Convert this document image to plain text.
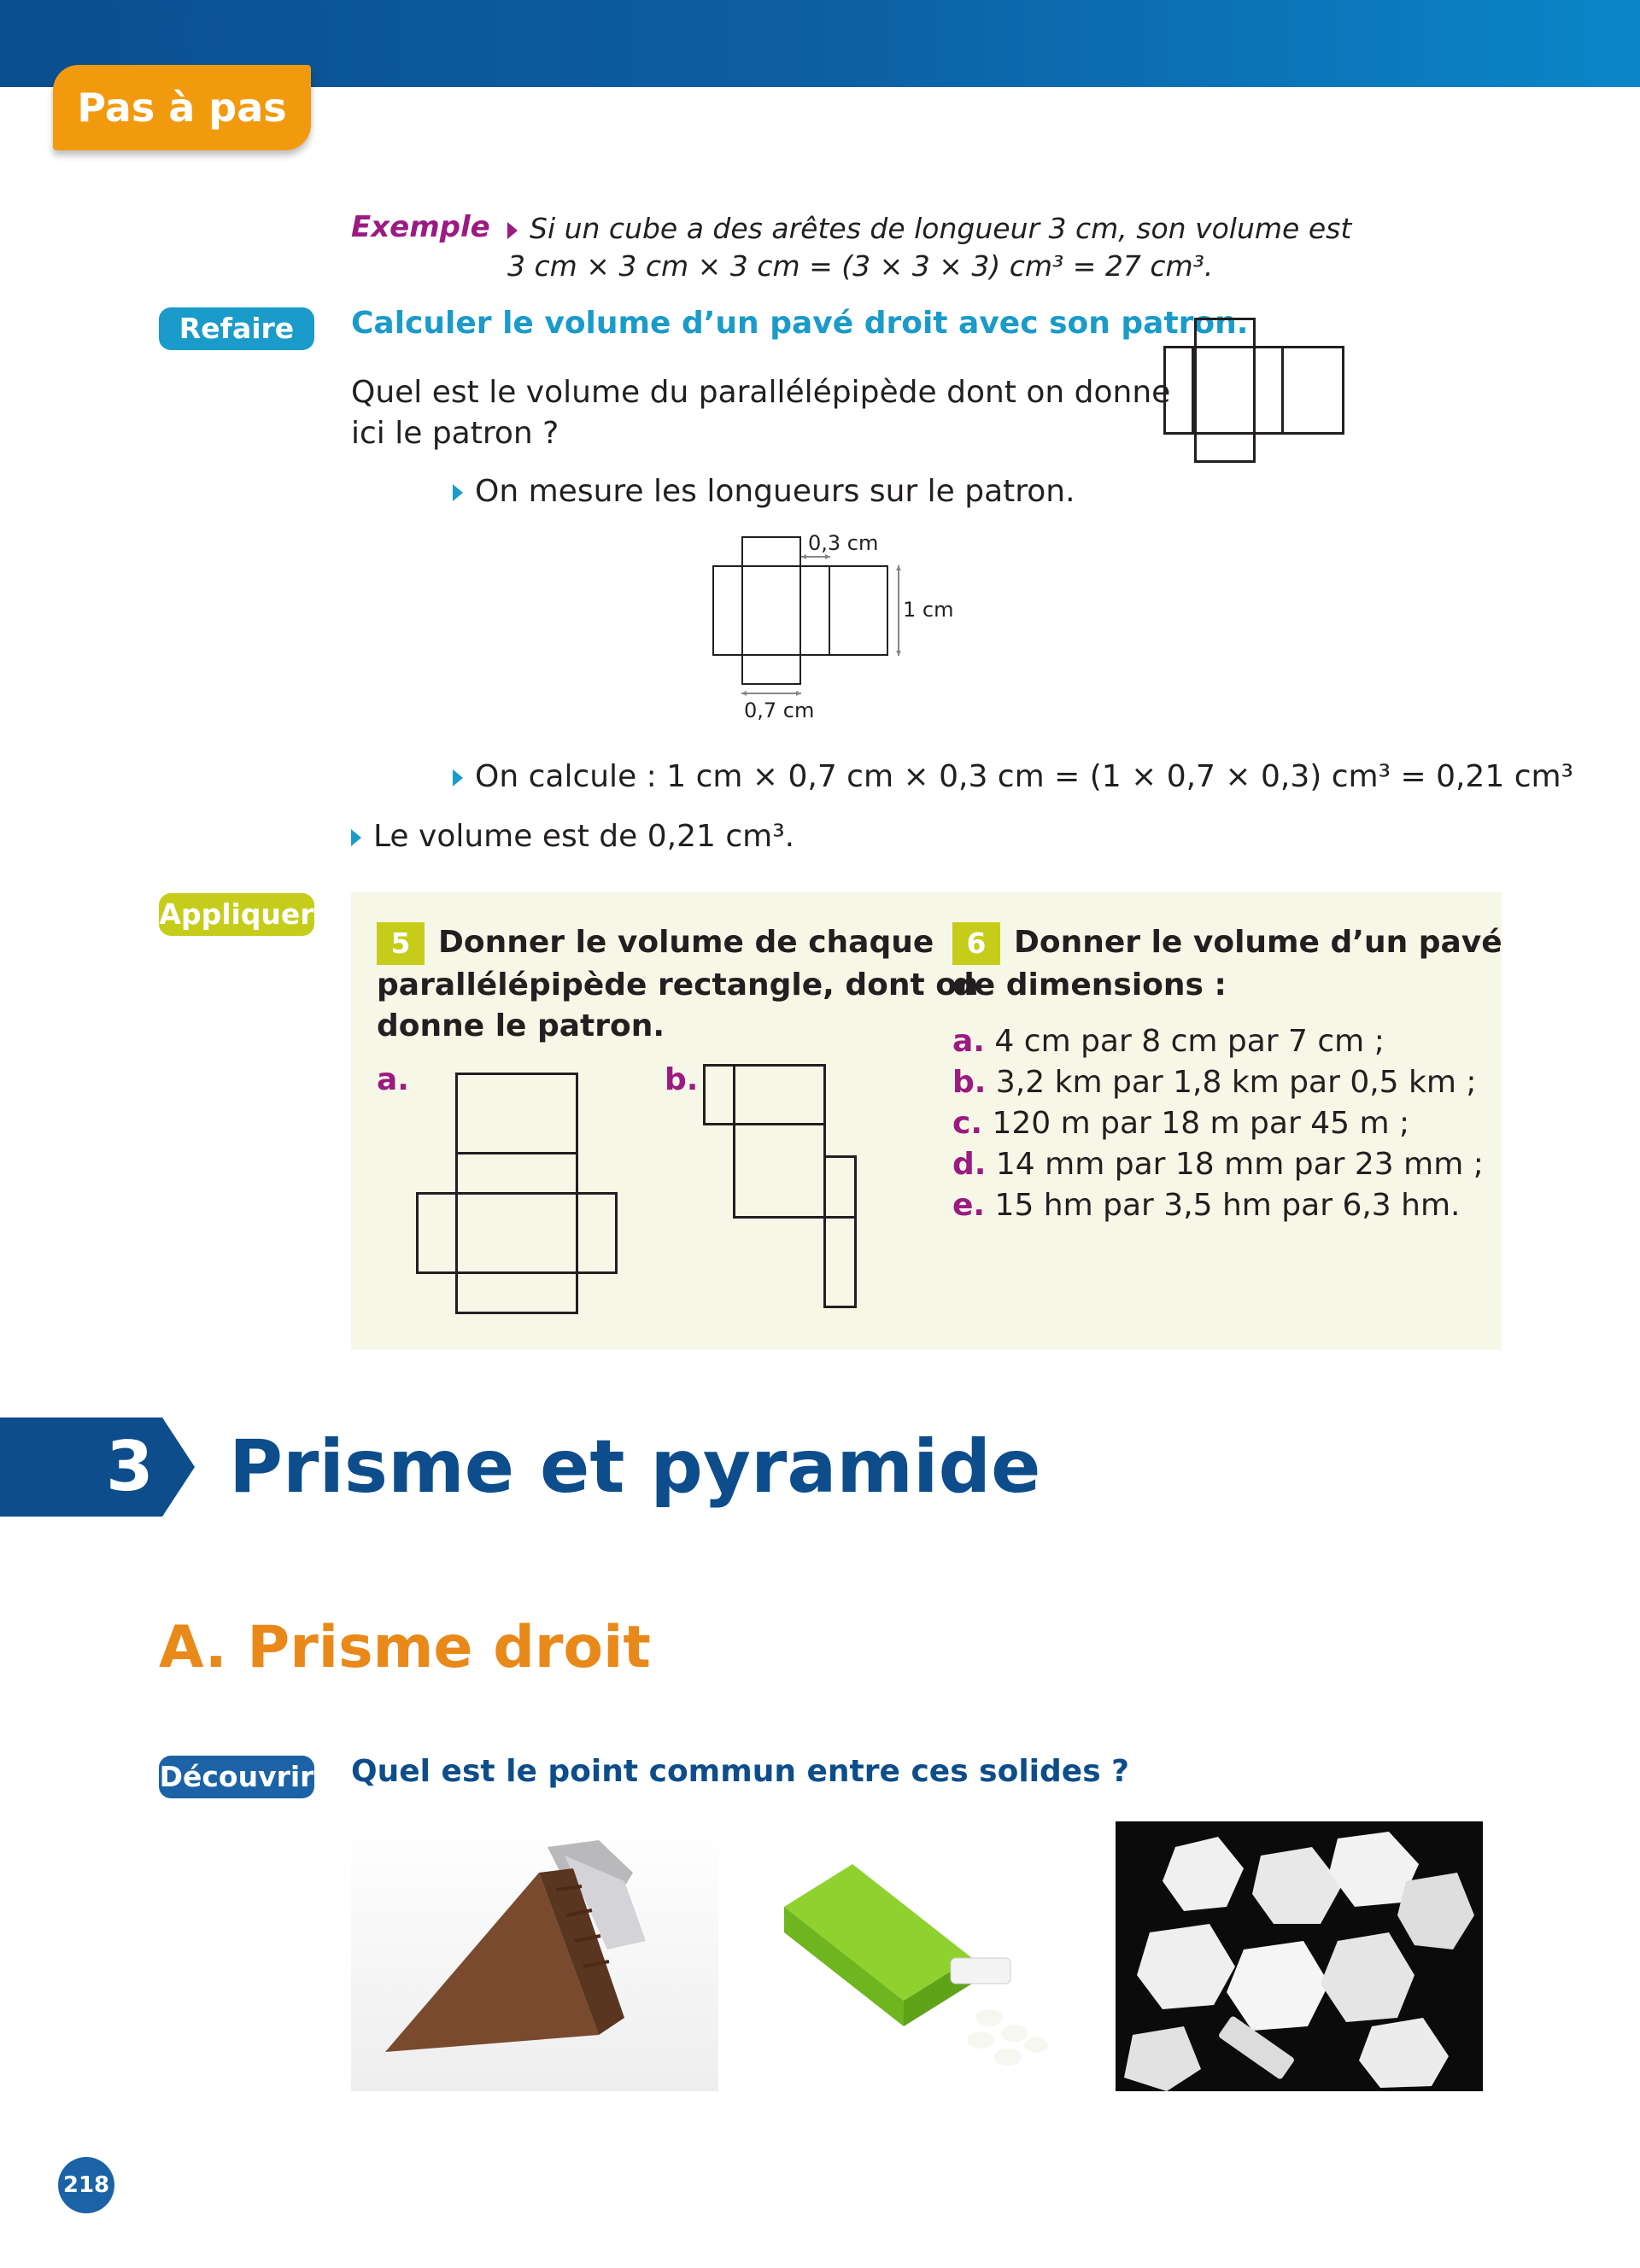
Pas à pas
Exemple	Si un cube a des arêtes de longueur 3 cm, son volume est
3 cm × 3 cm × 3 cm = (3 × 3 × 3) cm³ = 27 cm³.
Refaire	Calculer le volume d’un pavé droit avec son patron.
Quel est le volume du parallélépipède dont on donne
ici le patron ?
On mesure les longueurs sur le patron.
0,3 cm
1 cm
0,7 cm
On calcule : 1 cm × 0,7 cm × 0,3 cm = (1 × 0,7 × 0,3) cm³ = 0,21 cm³
Le volume est de 0,21 cm³.
Appliquer
5 Donner le volume de chaque
parallélépipède rectangle, dont on
donne le patron.
a.	b.
6 Donner le volume d’un pavé
de dimensions :
a. 4 cm par 8 cm par 7 cm ;
b. 3,2 km par 1,8 km par 0,5 km ;
c. 120 m par 18 m par 45 m ;
d. 14 mm par 18 mm par 23 mm ;
e. 15 hm par 3,5 hm par 6,3 hm.
3 Prisme et pyramide
A. Prisme droit
Découvrir Quel est le point commun entre ces solides ?
218
